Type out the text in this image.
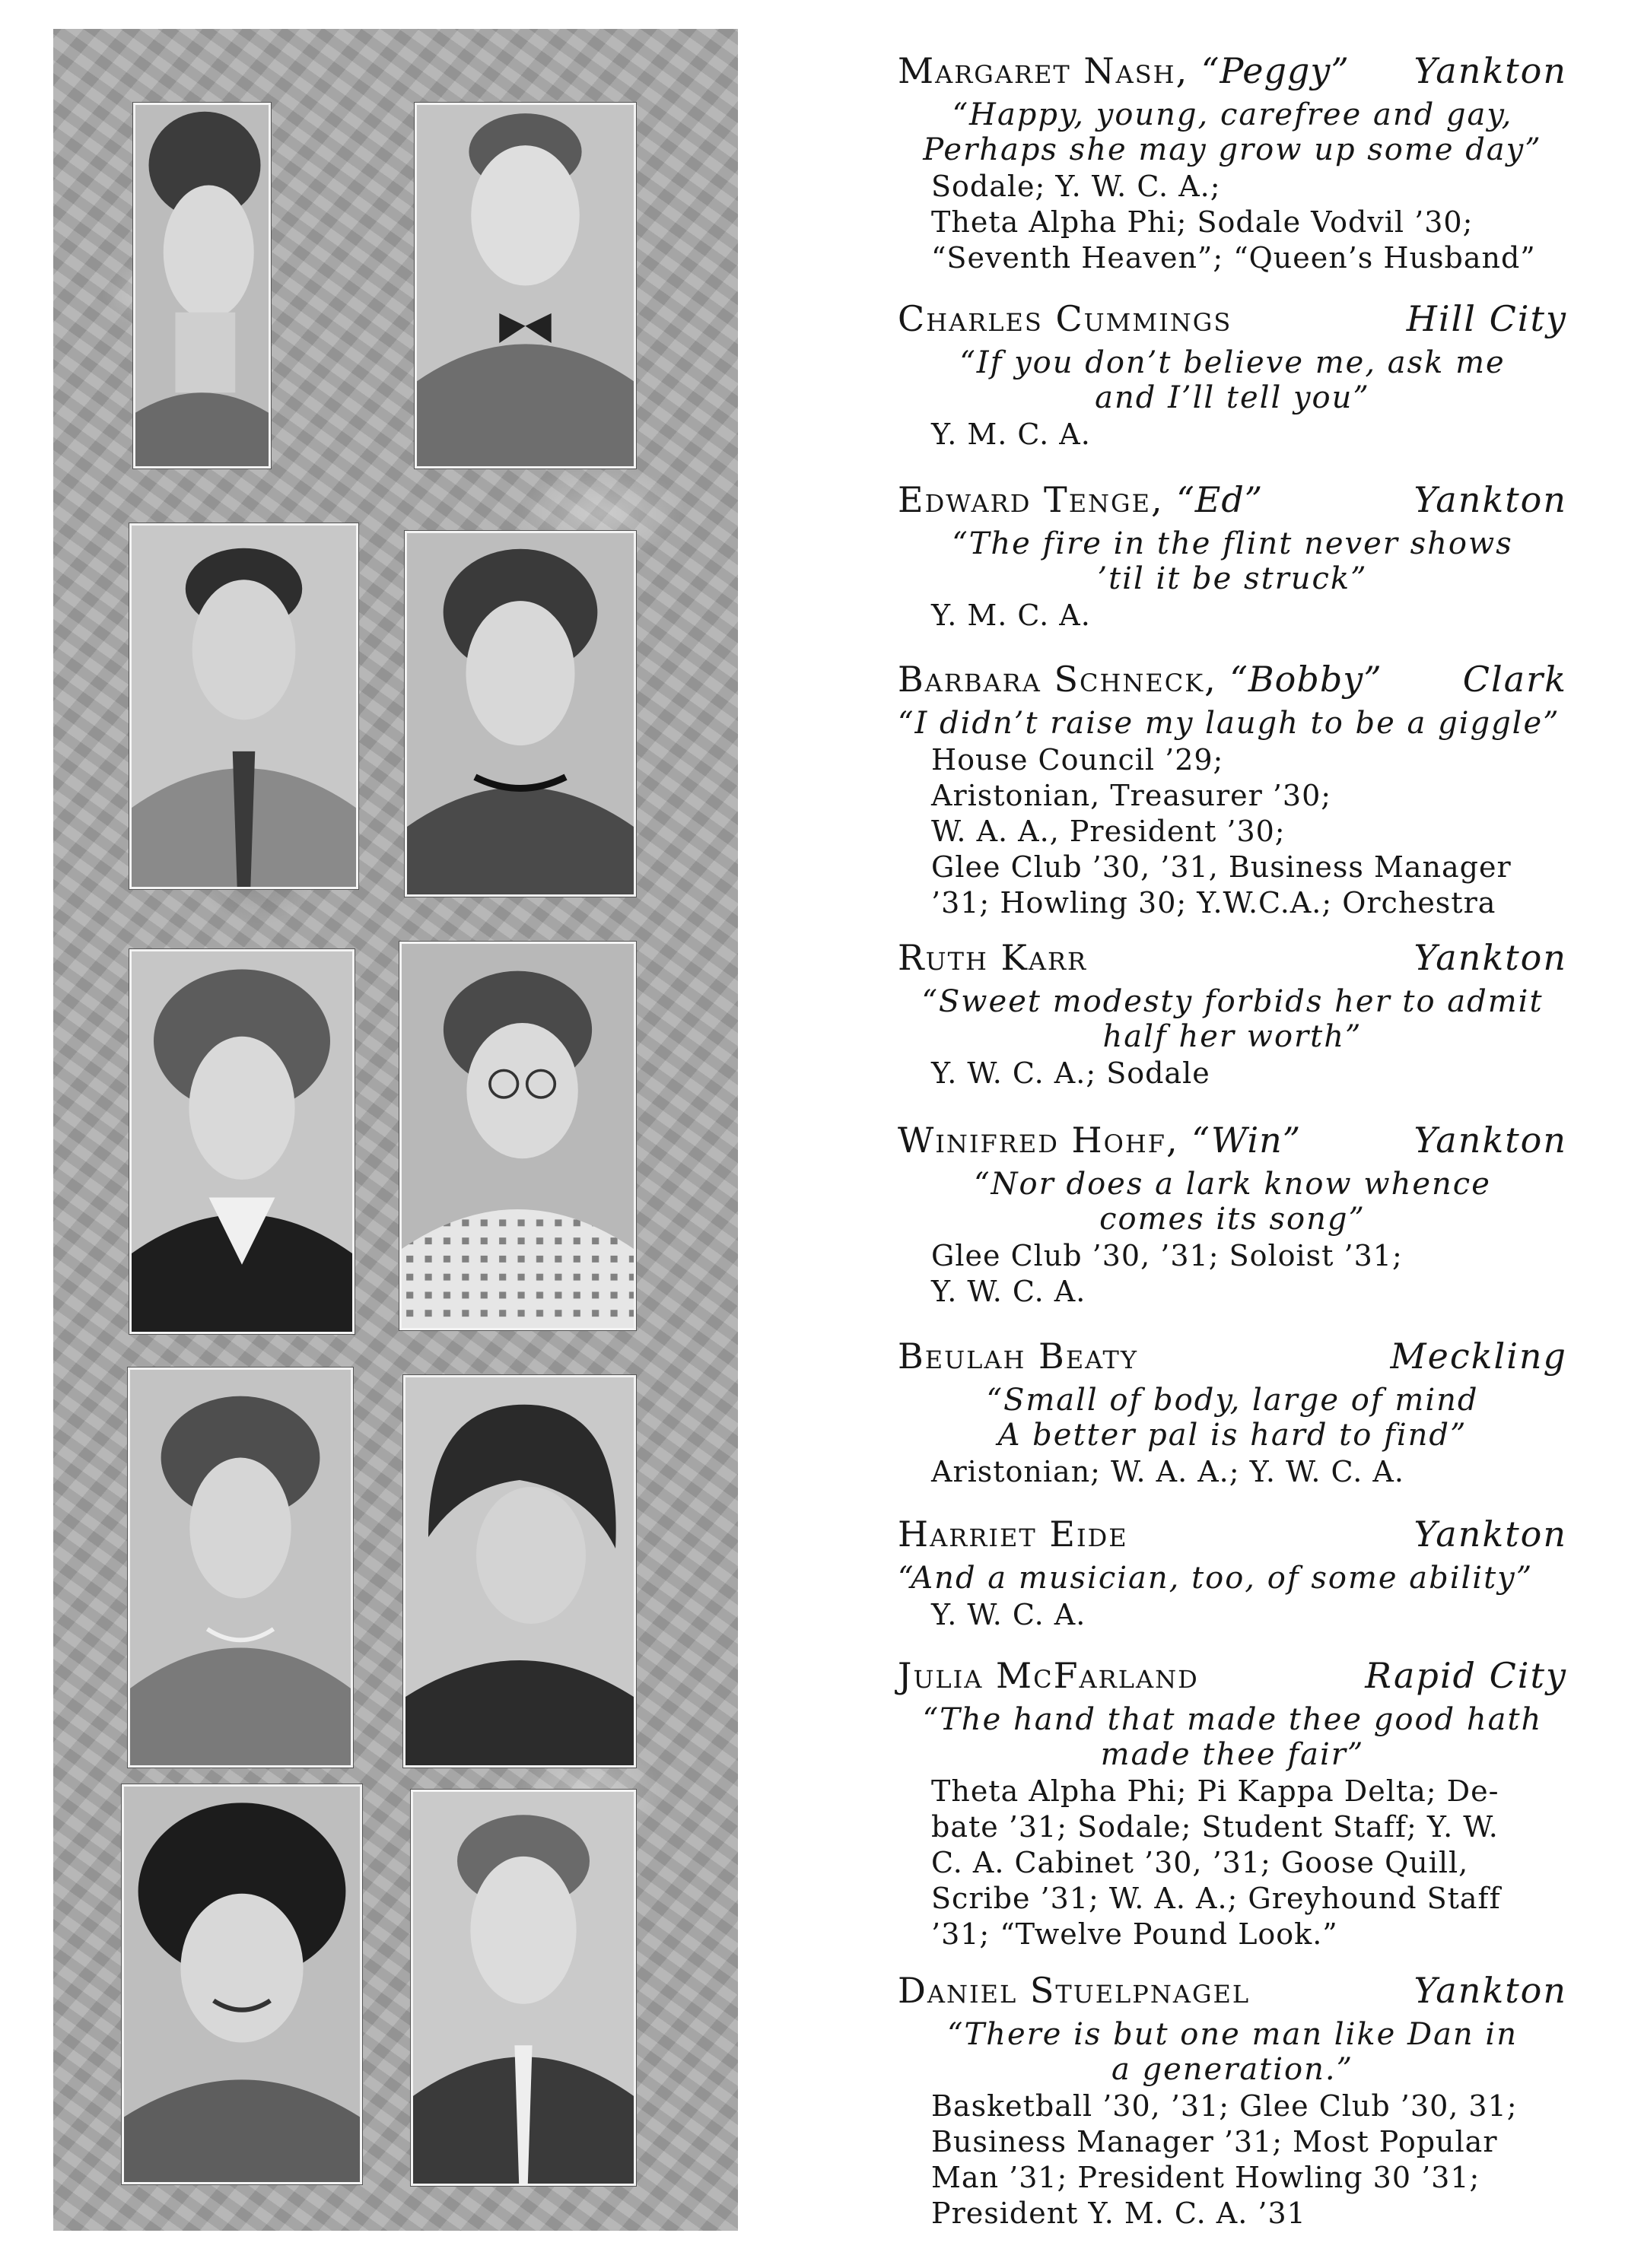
Margaret Nash, “Peggy” Yankton
“Happy, young, carefree and gay,
Perhaps she may grow up some day”
Sodale; Y. W. C. A.;
Theta Alpha Phi; Sodale Vodvil ’30;
“Seventh Heaven”; “Queen’s Husband”
Charles Cummings	Hill City
“If you don’t believe me, ask me
and I’ll tell you”
Y. M. C. A.
Edward Tenge, “Ed”	Yankton
“The fire in the flint never shows
’til it be struck”
Y. M. C. A.
Barbara Schneck, “Bobby” Clark
“I didn’t raise my laugh to be a giggle”
House Council ’29;
Aristonian, Treasurer ’30;
W. A. A., President ’30;
Glee Club ’30, ’31, Business Manager
’31; Howling 30; Y.W.C.A.; Orchestra
Ruth Karr	Yankton
“Sweet modesty forbids her to admit
half her worth”
Y. W. C. A.; Sodale
Winifred Hohf, “Win”	Yankton
“Nor does a lark know whence
comes its song”
Glee Club ’30, ’31; Soloist ’31;
Y. W. C. A.
Beulah Beaty	Meckling
“Small of body, large of mind
A better pal is hard to find”
Aristonian; W. A. A.; Y. W. C. A.
Harriet Eide	Yankton
“And a musician, too, of some ability”
Y. W. C. A.
Julia McFarland	Rapid City
“The hand that made thee good hath
made thee fair”
Theta Alpha Phi; Pi Kappa Delta; De-
bate ’31; Sodale; Student Staff; Y. W.
C. A. Cabinet ’30, ’31; Goose Quill,
Scribe ’31; W. A. A.; Greyhound Staff
’31; “Twelve Pound Look.”
Daniel Stuelpnagel	Yankton
“There is but one man like Dan in
a generation.”
Basketball ’30, ’31; Glee Club ’30, 31;
Business Manager ’31; Most Popular
Man ’31; President Howling 30 ’31;
President Y. M. C. A. ’31
